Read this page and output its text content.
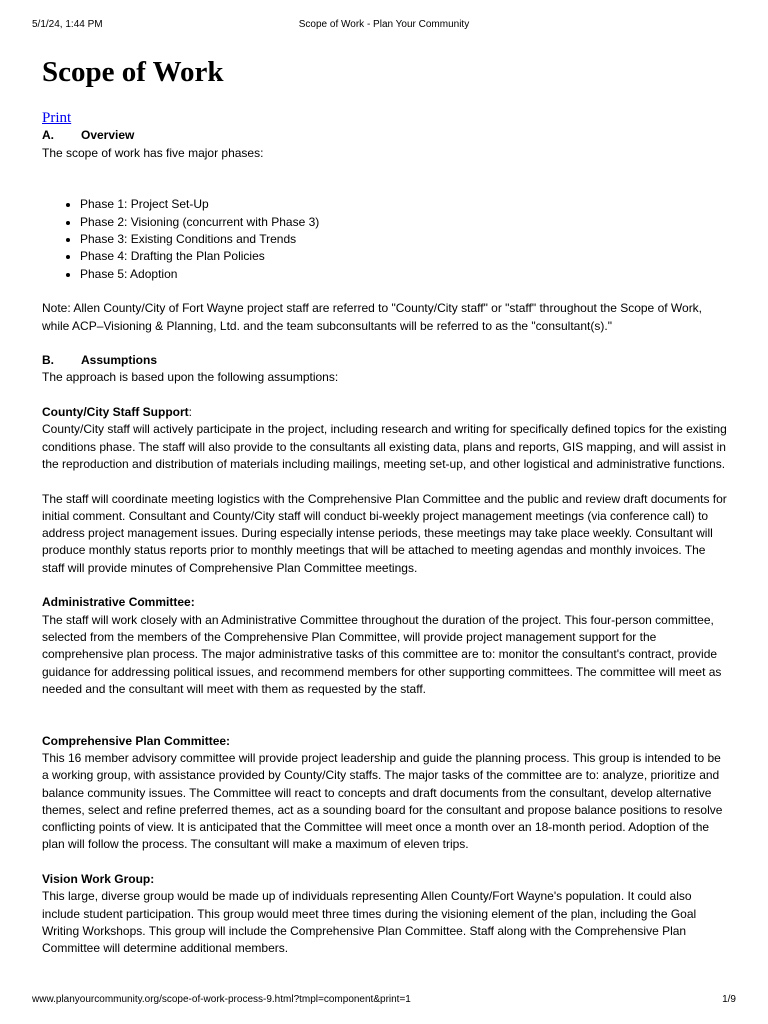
5/1/24, 1:44 PM	Scope of Work - Plan Your Community
Scope of Work
Print

A. Overview

The scope of work has five major phases:

• Phase 1: Project Set-Up
• Phase 2: Visioning (concurrent with Phase 3)
• Phase 3: Existing Conditions and Trends
• Phase 4: Drafting the Plan Policies
• Phase 5: Adoption

Note: Allen County/City of Fort Wayne project staff are referred to "County/City staff" or "staff" throughout the Scope of Work, while ACP–Visioning & Planning, Ltd. and the team subconsultants will be referred to as the "consultant(s)."

B. Assumptions

The approach is based upon the following assumptions:

County/City Staff Support:

County/City staff will actively participate in the project, including research and writing for specifically defined topics for the existing conditions phase. The staff will also provide to the consultants all existing data, plans and reports, GIS mapping, and will assist in the reproduction and distribution of materials including mailings, meeting set-up, and other logistical and administrative functions.

The staff will coordinate meeting logistics with the Comprehensive Plan Committee and the public and review draft documents for initial comment. Consultant and County/City staff will conduct bi-weekly project management meetings (via conference call) to address project management issues. During especially intense periods, these meetings may take place weekly. Consultant will produce monthly status reports prior to monthly meetings that will be attached to meeting agendas and monthly invoices. The staff will provide minutes of Comprehensive Plan Committee meetings.

Administrative Committee:

The staff will work closely with an Administrative Committee throughout the duration of the project. This four-person committee, selected from the members of the Comprehensive Plan Committee, will provide project management support for the comprehensive plan process. The major administrative tasks of this committee are to: monitor the consultant's contract, provide guidance for addressing political issues, and recommend members for other supporting committees. The committee will meet as needed and the consultant will meet with them as requested by the staff.

Comprehensive Plan Committee:

This 16 member advisory committee will provide project leadership and guide the planning process. This group is intended to be a working group, with assistance provided by County/City staffs. The major tasks of the committee are to: analyze, prioritize and balance community issues. The Committee will react to concepts and draft documents from the consultant, develop alternative themes, select and refine preferred themes, act as a sounding board for the consultant and propose balance positions to resolve conflicting points of view. It is anticipated that the Committee will meet once a month over an 18-month period. Adoption of the plan will follow the process. The consultant will make a maximum of eleven trips.

Vision Work Group:

This large, diverse group would be made up of individuals representing Allen County/Fort Wayne's population. It could also include student participation. This group would meet three times during the visioning element of the plan, including the Goal Writing Workshops. This group will include the Comprehensive Plan Committee. Staff along with the Comprehensive Plan Committee will determine additional members.

www.planyourcommunity.org/scope-of-work-process-9.html?tmpl=component&print=1	1/9
